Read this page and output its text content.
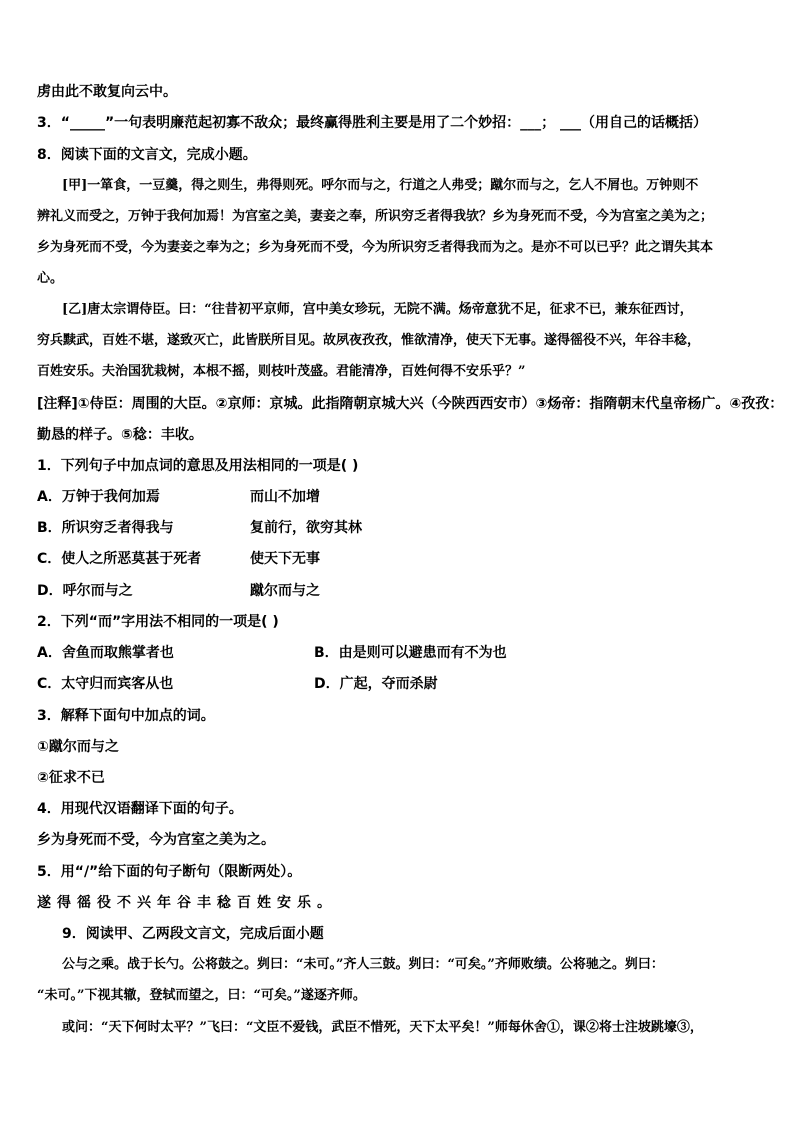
虏由此不敢复向云中。
3．“_____”一句表明廉范起初寡不敌众；最终赢得胜利主要是用了二个妙招：___； ___（用自己的话概括）
8．阅读下面的文言文，完成小题。
[甲]一箪食，一豆羹，得之则生，弗得则死。呼尔而与之，行道之人弗受；蹴尔而与之，乞人不屑也。万钟则不
辨礼义而受之，万钟于我何加焉！为宫室之美，妻妾之奉，所识穷乏者得我欤？乡为身死而不受，今为宫室之美为之；
乡为身死而不受，今为妻妾之奉为之；乡为身死而不受，今为所识穷乏者得我而为之。是亦不可以已乎？此之谓失其本
心。
[乙]唐太宗谓侍臣。曰：“往昔初平京师，宫中美女珍玩，无院不满。炀帝意犹不足，征求不已，兼东征西讨，
穷兵黩武，百姓不堪，遂致灭亡，此皆朕所目见。故夙夜孜孜，惟欲清净，使天下无事。遂得徭役不兴，年谷丰稔，
百姓安乐。夫治国犹栽树，本根不摇，则枝叶茂盛。君能清净，百姓何得不安乐乎？”
[注释]①侍臣：周围的大臣。②京师：京城。此指隋朝京城大兴（今陕西西安市）③炀帝：指隋朝末代皇帝杨广。④孜孜：
勤恳的样子。⑤稔：丰收。
1．下列句子中加点词的意思及用法相同的一项是( )
A．万钟于我何加焉	而山不加增
B．所识穷乏者得我与	复前行，欲穷其林
C．使人之所恶莫甚于死者	使天下无事
D．呼尔而与之	蹴尔而与之
2．下列“而”字用法不相同的一项是( )
A．舍鱼而取熊掌者也	B．由是则可以避患而有不为也
C．太守归而宾客从也	D．广起，夺而杀尉
3．解释下面句中加点的词。
①蹴尔而与之
②征求不已
4．用现代汉语翻译下面的句子。
乡为身死而不受，今为宫室之美为之。
5．用“/”给下面的句子断句（限断两处）。
遂得徭役不兴年谷丰稔百姓安乐。
9．阅读甲、乙两段文言文，完成后面小题
公与之乘。战于长勺。公将鼓之。刿曰：“未可。”齐人三鼓。刿曰：“可矣。”齐师败绩。公将驰之。刿曰：
“未可。”下视其辙，登轼而望之，曰：“可矣。”遂逐齐师。
或问：“天下何时太平？”飞曰：“文臣不爱钱，武臣不惜死，天下太平矣！”师每休舍①，课②将士注坡跳壕③，
